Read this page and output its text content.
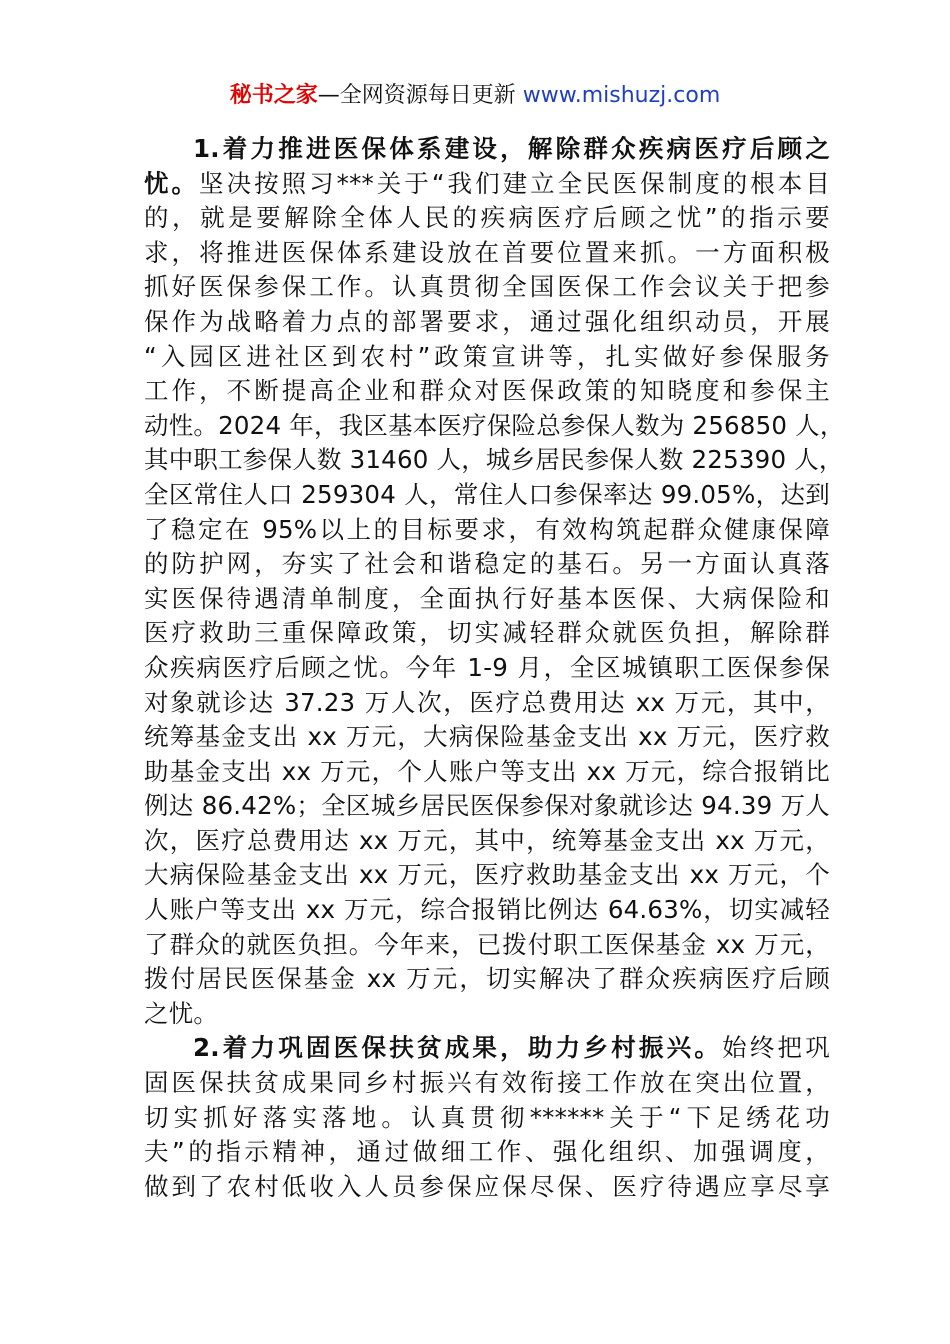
秘书之家—全网资源每日更新 www.mishuzj.com
1.着力推进医保体系建设，解除群众疾病医疗后顾之
忧。坚决按照习***关于“我们建立全民医保制度的根本目
的，就是要解除全体人民的疾病医疗后顾之忧”的指示要
求，将推进医保体系建设放在首要位置来抓。一方面积极
抓好医保参保工作。认真贯彻全国医保工作会议关于把参
保作为战略着力点的部署要求，通过强化组织动员，开展
“入园区进社区到农村”政策宣讲等，扎实做好参保服务
工作，不断提高企业和群众对医保政策的知晓度和参保主
动性。2024 年，我区基本医疗保险总参保人数为 256850 人，
其中职工参保人数 31460 人，城乡居民参保人数 225390 人，
全区常住人口 259304 人，常住人口参保率达 99.05%，达到
了稳定在 95%以上的目标要求，有效构筑起群众健康保障
的防护网，夯实了社会和谐稳定的基石。另一方面认真落
实医保待遇清单制度，全面执行好基本医保、大病保险和
医疗救助三重保障政策，切实减轻群众就医负担，解除群
众疾病医疗后顾之忧。今年 1-9 月，全区城镇职工医保参保
对象就诊达 37.23 万人次，医疗总费用达 xx 万元，其中，
统筹基金支出 xx 万元，大病保险基金支出 xx 万元，医疗救
助基金支出 xx 万元，个人账户等支出 xx 万元，综合报销比
例达 86.42%；全区城乡居民医保参保对象就诊达 94.39 万人
次，医疗总费用达 xx 万元，其中，统筹基金支出 xx 万元，
大病保险基金支出 xx 万元，医疗救助基金支出 xx 万元，个
人账户等支出 xx 万元，综合报销比例达 64.63%，切实减轻
了群众的就医负担。今年来，已拨付职工医保基金 xx 万元，
拨付居民医保基金 xx 万元，切实解决了群众疾病医疗后顾
之忧。
2.着力巩固医保扶贫成果，助力乡村振兴。始终把巩
固医保扶贫成果同乡村振兴有效衔接工作放在突出位置，
切实抓好落实落地。认真贯彻******关于“下足绣花功
夫”的指示精神，通过做细工作、强化组织、加强调度，
做到了农村低收入人员参保应保尽保、医疗待遇应享尽享
